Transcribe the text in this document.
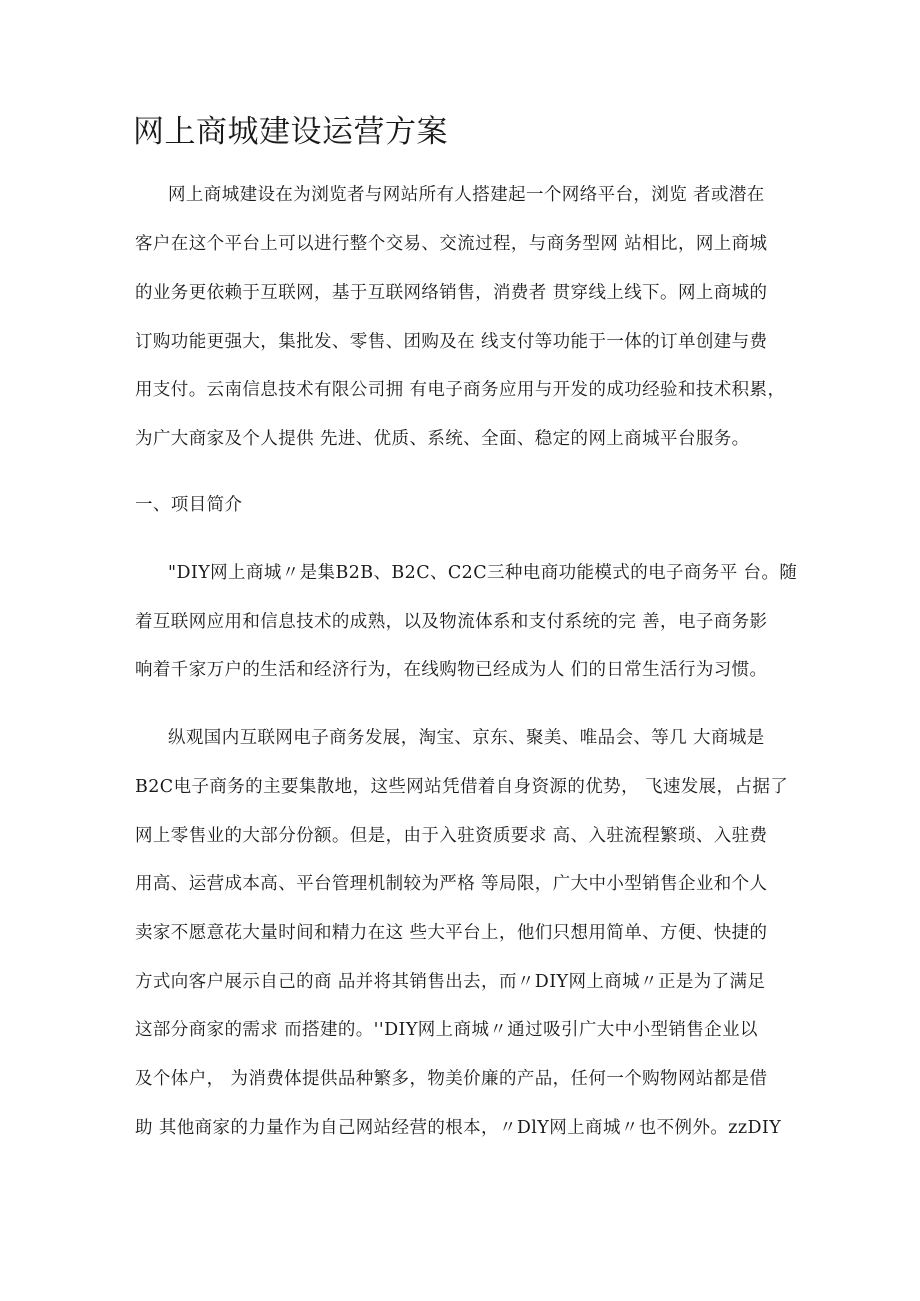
网上商城建设运营方案
网上商城建设在为浏览者与网站所有人搭建起一个网络平台，浏览 者或潜在
客户在这个平台上可以进行整个交易、交流过程，与商务型网 站相比，网上商城
的业务更依赖于互联网，基于互联网络销售，消费者 贯穿线上线下。网上商城的
订购功能更强大，集批发、零售、团购及在 线支付等功能于一体的订单创建与费
用支付。云南信息技术有限公司拥 有电子商务应用与开发的成功经验和技术积累，
为广大商家及个人提供 先进、优质、系统、全面、稳定的网上商城平台服务。
一、项目简介
"DIY网上商城〃是集B2B、B2C、C2C三种电商功能模式的电子商务平 台。随
着互联网应用和信息技术的成熟，以及物流体系和支付系统的完 善，电子商务影
响着千家万户的生活和经济行为，在线购物已经成为人 们的日常生活行为习惯。
纵观国内互联网电子商务发展，淘宝、京东、聚美、唯品会、等几 大商城是
B2C电子商务的主要集散地，这些网站凭借着自身资源的优势， 飞速发展，占据了
网上零售业的大部分份额。但是，由于入驻资质要求 高、入驻流程繁琐、入驻费
用高、运营成本高、平台管理机制较为严格 等局限，广大中小型销售企业和个人
卖家不愿意花大量时间和精力在这 些大平台上，他们只想用简单、方便、快捷的
方式向客户展示自己的商 品并将其销售出去，而〃DIY网上商城〃正是为了满足
这部分商家的需求 而搭建的。''DIY网上商城〃通过吸引广大中小型销售企业以
及个体户， 为消费体提供品种繁多，物美价廉的产品，任何一个购物网站都是借
助 其他商家的力量作为自己网站经营的根本，〃DlY网上商城〃也不例外。zzDIY
